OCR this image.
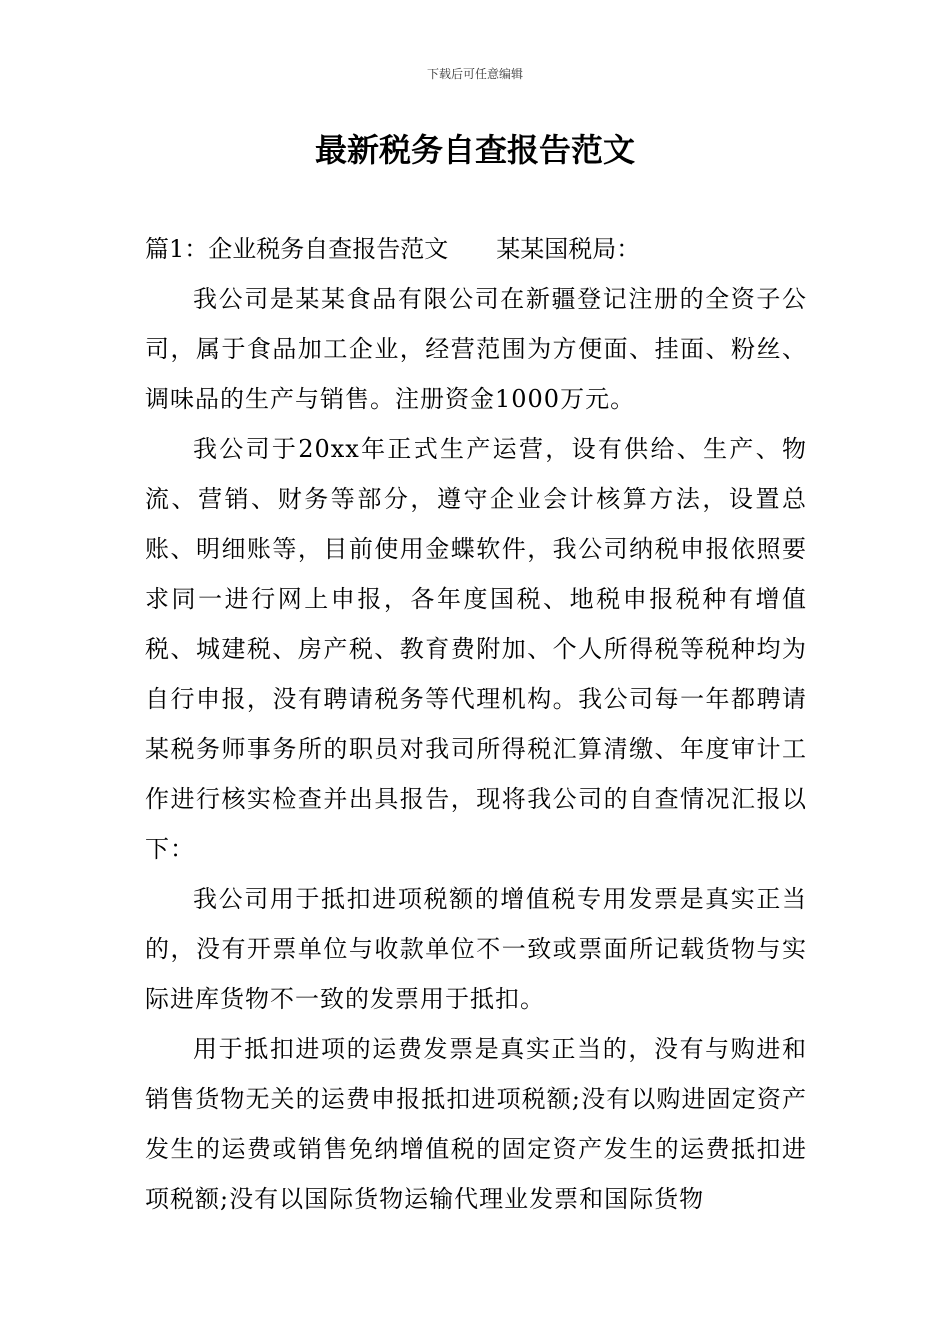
下载后可任意编辑
最新税务自查报告范文

篇1：企业税务自查报告范文　　某某国税局：

我公司是某某食品有限公司在新疆登记注册的全资子公司，属于食品加工企业，经营范围为方便面、挂面、粉丝、调味品的生产与销售。注册资金1000万元。

我公司于20xx年正式生产运营，设有供给、生产、物流、营销、财务等部分，遵守企业会计核算方法，设置总账、明细账等，目前使用金蝶软件，我公司纳税申报依照要求同一进行网上申报，各年度国税、地税申报税种有增值税、城建税、房产税、教育费附加、个人所得税等税种均为自行申报，没有聘请税务等代理机构。我公司每一年都聘请某税务师事务所的职员对我司所得税汇算清缴、年度审计工作进行核实检查并出具报告，现将我公司的自查情况汇报以下：

我公司用于抵扣进项税额的增值税专用发票是真实正当的，没有开票单位与收款单位不一致或票面所记载货物与实际进库货物不一致的发票用于抵扣。

用于抵扣进项的运费发票是真实正当的，没有与购进和销售货物无关的运费申报抵扣进项税额;没有以购进固定资产发生的运费或销售免纳增值税的固定资产发生的运费抵扣进项税额;没有以国际货物运输代理业发票和国际货物
